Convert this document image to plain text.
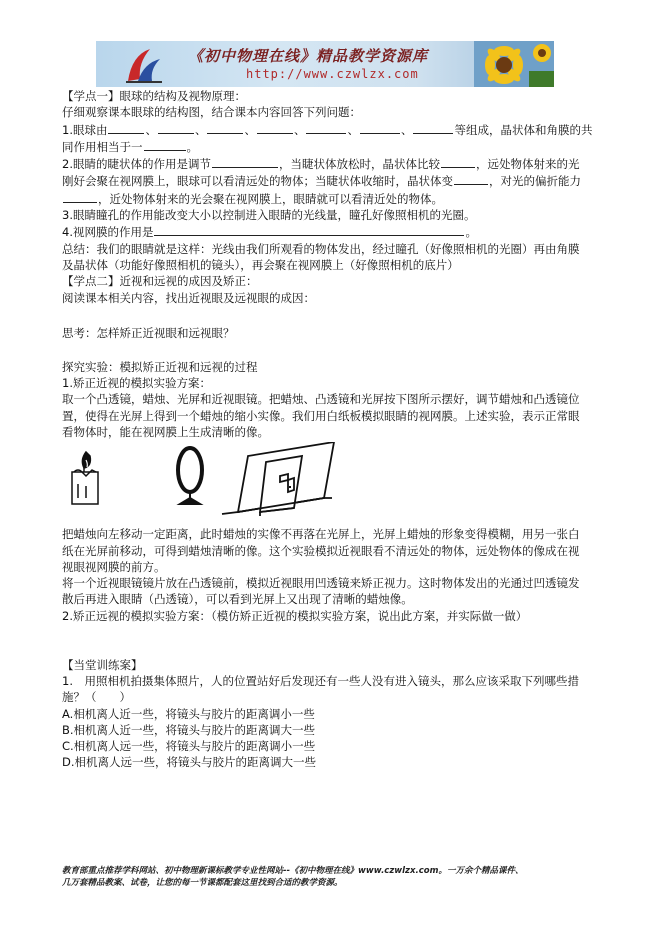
《初中物理在线》精品教学资源库
http://www.czwlzx.com
【学点一】眼球的结构及视物原理：
仔细观察课本眼球的结构图，结合课本内容回答下列问题：
1.眼球由	、	、	、	、	、	、	等组成，晶状体和角膜的共
同作用相当于一	。
2.眼睛的睫状体的作用是调节	，当睫状体放松时，晶状体比较	，远处物体射来的光
刚好会聚在视网膜上，眼球可以看清远处的物体；当睫状体收缩时，晶状体变	，对光的偏折能力
，近处物体射来的光会聚在视网膜上，眼睛就可以看清近处的物体。
3.眼睛瞳孔的作用能改变大小以控制进入眼睛的光线量，瞳孔好像照相机的光圈。
4.视网膜的作用是	。
总结：我们的眼睛就是这样：光线由我们所观看的物体发出，经过瞳孔（好像照相机的光圈）再由角膜
及晶状体（功能好像照相机的镜头），再会聚在视网膜上（好像照相机的底片）
【学点二】近视和远视的成因及矫正：
阅读课本相关内容，找出近视眼及远视眼的成因：
思考：怎样矫正近视眼和远视眼？
探究实验：模拟矫正近视和远视的过程
1.矫正近视的模拟实验方案：
取一个凸透镜，蜡烛、光屏和近视眼镜。把蜡烛、凸透镜和光屏按下图所示摆好，调节蜡烛和凸透镜位
置，使得在光屏上得到一个蜡烛的缩小实像。我们用白纸板模拟眼睛的视网膜。上述实验，表示正常眼
看物体时，能在视网膜上生成清晰的像。
把蜡烛向左移动一定距离，此时蜡烛的实像不再落在光屏上，光屏上蜡烛的形象变得模糊，用另一张白
纸在光屏前移动，可得到蜡烛清晰的像。这个实验模拟近视眼看不清远处的物体，远处物体的像成在视
视眼视网膜的前方。
将一个近视眼镜镜片放在凸透镜前，模拟近视眼用凹透镜来矫正视力。这时物体发出的光通过凹透镜发
散后再进入眼睛（凸透镜），可以看到光屏上又出现了清晰的蜡烛像。
2.矫正远视的模拟实验方案：（模仿矫正近视的模拟实验方案，说出此方案，并实际做一做）
【当堂训练案】
1.　用照相机拍摄集体照片，人的位置站好后发现还有一些人没有进入镜头，那么应该采取下列哪些措
施？（　　）
A.相机离人近一些，将镜头与胶片的距离调小一些
B.相机离人近一些，将镜头与胶片的距离调大一些
C.相机离人远一些，将镜头与胶片的距离调小一些
D.相机离人远一些，将镜头与胶片的距离调大一些
教育部重点推荐学科网站、初中物理新课标教学专业性网站--《初中物理在线》www.czwlzx.com。一万余个精品课件、
几万套精品教案、试卷，让您的每一节课都配套这里找到合适的教学资源。
